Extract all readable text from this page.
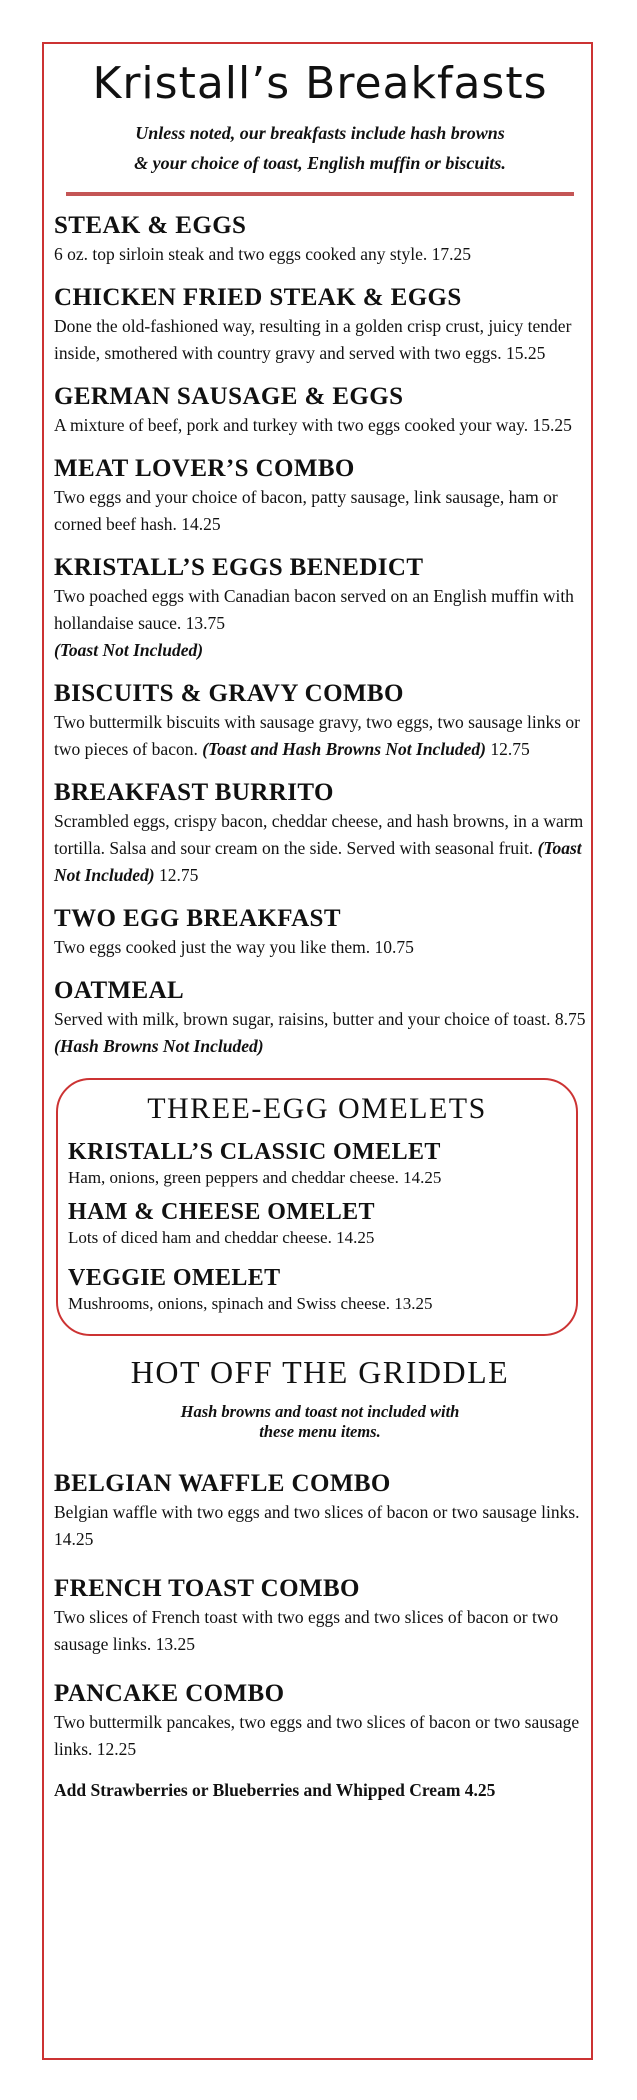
Kristall’s Breakfasts

Unless noted, our breakfasts include hash browns
& your choice of toast, English muffin or biscuits.

STEAK & EGGS

6 oz. top sirloin steak and two eggs cooked any style. 17.25

CHICKEN FRIED STEAK & EGGS

Done the old-fashioned way, resulting in a golden crisp crust, juicy tender inside, smothered with country gravy and served with two eggs. 15.25

GERMAN SAUSAGE & EGGS

A mixture of beef, pork and turkey with two eggs cooked your way. 15.25

MEAT LOVER’S COMBO

Two eggs and your choice of bacon, patty sausage, link sausage, ham or corned beef hash. 14.25

KRISTALL’S EGGS BENEDICT

Two poached eggs with Canadian bacon served on an English muffin with hollandaise sauce. 13.75
(Toast Not Included)

BISCUITS & GRAVY COMBO

Two buttermilk biscuits with sausage gravy, two eggs, two sausage links or two pieces of bacon. (Toast and Hash Browns Not Included) 12.75

BREAKFAST BURRITO

Scrambled eggs, crispy bacon, cheddar cheese, and hash browns, in a warm tortilla. Salsa and sour cream on the side. Served with seasonal fruit. (Toast Not Included) 12.75

TWO EGG BREAKFAST

Two eggs cooked just the way you like them. 10.75

OATMEAL

Served with milk, brown sugar, raisins, butter and your choice of toast. 8.75 (Hash Browns Not Included)

THREE-EGG OMELETS
KRISTALL’S CLASSIC OMELET

Ham, onions, green peppers and cheddar cheese. 14.25

HAM & CHEESE OMELET

Lots of diced ham and cheddar cheese. 14.25

VEGGIE OMELET

Mushrooms, onions, spinach and Swiss cheese. 13.25

HOT OFF THE GRIDDLE

Hash browns and toast not included with
these menu items.

BELGIAN WAFFLE COMBO

Belgian waffle with two eggs and two slices of bacon or two sausage links. 14.25

FRENCH TOAST COMBO

Two slices of French toast with two eggs and two slices of bacon or two sausage links. 13.25

PANCAKE COMBO

Two buttermilk pancakes, two eggs and two slices of bacon or two sausage links. 12.25

Add Strawberries or Blueberries and Whipped Cream 4.25
